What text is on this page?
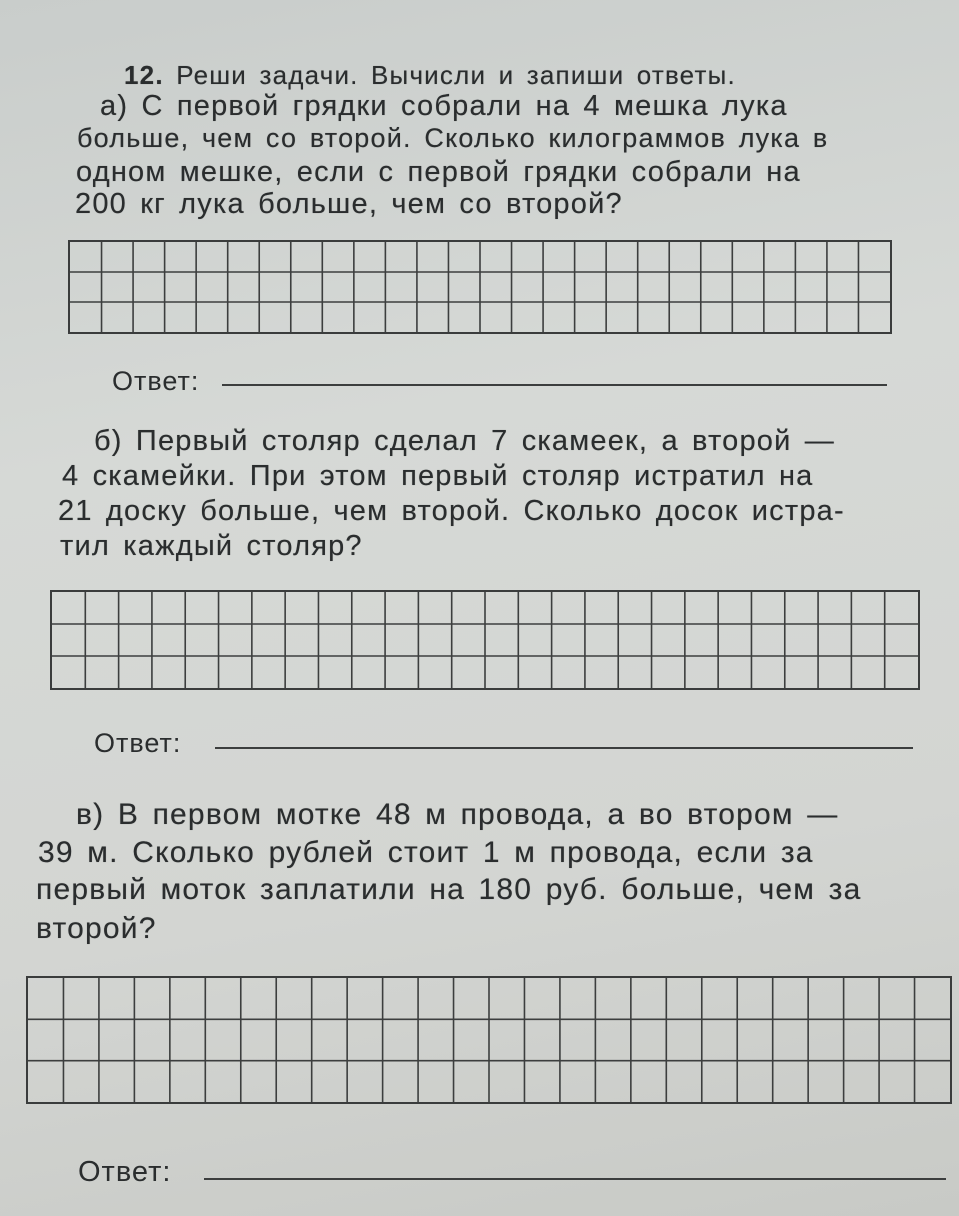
12. Реши задачи. Вычисли и запиши ответы.
а) С первой грядки собрали на 4 мешка лука
больше, чем со второй. Сколько килограммов лука в
одном мешке, если с первой грядки собрали на
200 кг лука больше, чем со второй?
Ответ:
б) Первый столяр сделал 7 скамеек, а второй —
4 скамейки. При этом первый столяр истратил на
21 доску больше, чем второй. Сколько досок истра-
тил каждый столяр?
Ответ:
в) В первом мотке 48 м провода, а во втором —
39 м. Сколько рублей стоит 1 м провода, если за
первый моток заплатили на 180 руб. больше, чем за
второй?
Ответ:
